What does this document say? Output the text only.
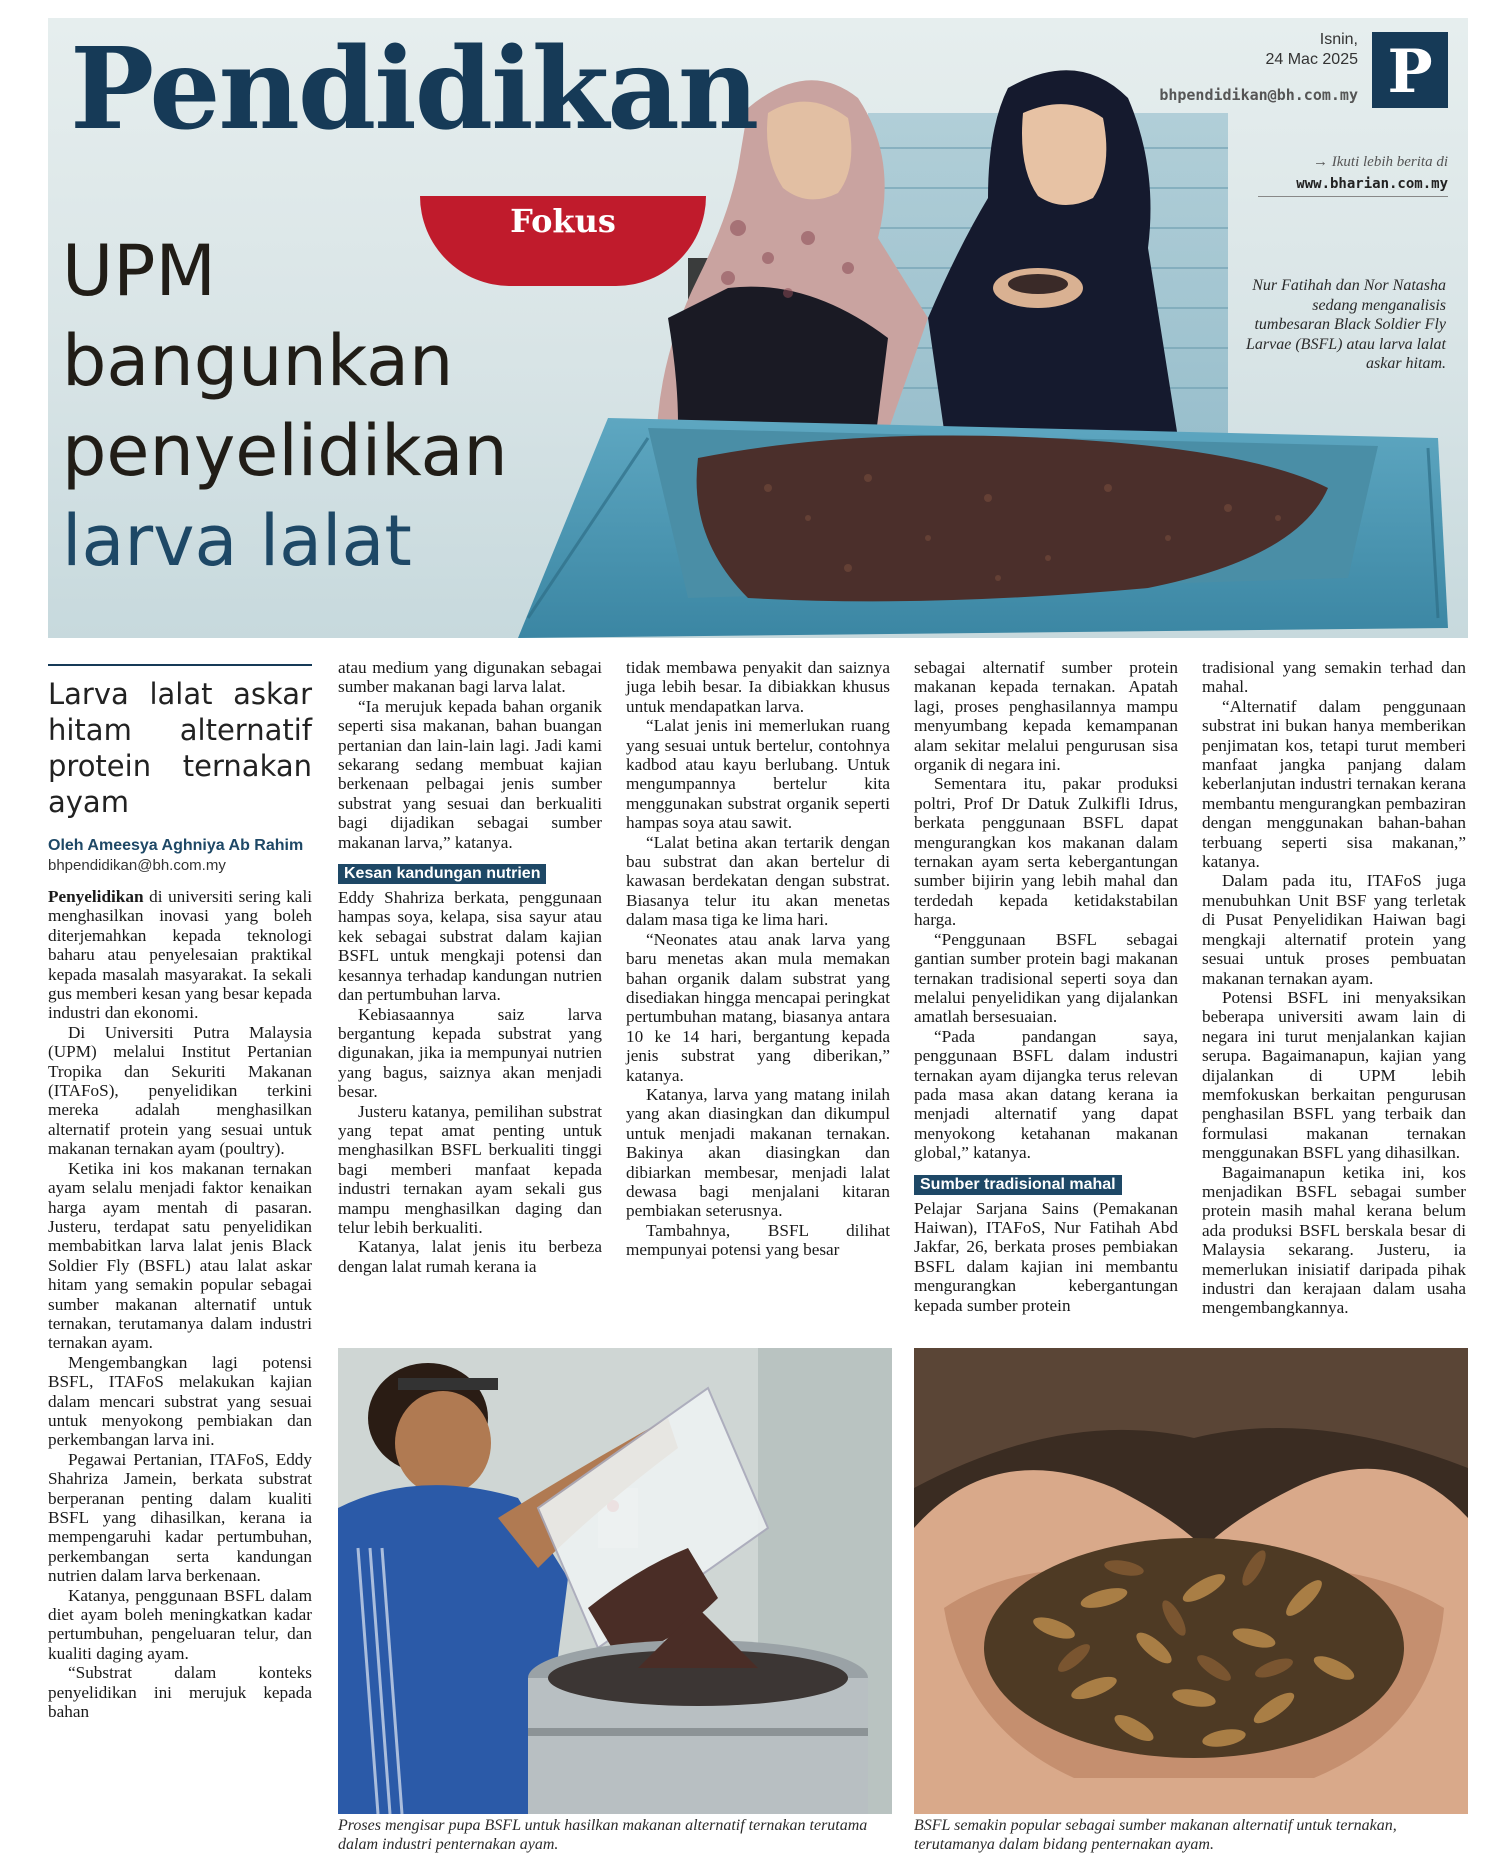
Pendidikan	Isnin,
24 Mac 2025
bhpendidikan@bh.com.my P
→ Ikuti lebih berita di
www.bharian.com.my
Fokus
UPM
bangunkan
penyelidikan
larva lalat
Nur Fatihah dan Nor Natasha sedang menganalisis tumbesaran Black Soldier Fly Larvae (BSFL) atau larva lalat askar hitam.
Larva lalat askar hitam alternatif protein ternakan ayam
Oleh Ameesya Aghniya Ab Rahim
bhpendidikan@bh.com.my

Penyelidikan di universiti sering kali menghasilkan inovasi yang boleh diterjemahkan kepada teknologi baharu atau penyelesaian praktikal kepada masalah masyarakat. Ia sekali gus memberi kesan yang besar kepada industri dan ekonomi.

Di Universiti Putra Malaysia (UPM) melalui Institut Pertanian Tropika dan Sekuriti Makanan (ITAFoS), penyelidikan terkini mereka adalah menghasilkan alternatif protein yang sesuai untuk makanan ternakan ayam (poultry).

Ketika ini kos makanan ternakan ayam selalu menjadi faktor kenaikan harga ayam mentah di pasaran. Justeru, terdapat satu penyelidikan membabitkan larva lalat jenis Black Soldier Fly (BSFL) atau lalat askar hitam yang semakin popular sebagai sumber makanan alternatif untuk ternakan, terutamanya dalam industri ternakan ayam.

Mengembangkan lagi potensi BSFL, ITAFoS melakukan kajian dalam mencari substrat yang sesuai untuk menyokong pembiakan dan perkembangan larva ini.

Pegawai Pertanian, ITAFoS, Eddy Shahriza Jamein, berkata substrat berperanan penting dalam kualiti BSFL yang dihasilkan, kerana ia mempengaruhi kadar pertumbuhan, perkembangan serta kandungan nutrien dalam larva berkenaan.

Katanya, penggunaan BSFL dalam diet ayam boleh meningkatkan kadar pertumbuhan, pengeluaran telur, dan kualiti daging ayam.

“Substrat dalam konteks penyelidikan ini merujuk kepada bahan

atau medium yang digunakan sebagai sumber makanan bagi larva lalat.

“Ia merujuk kepada bahan organik seperti sisa makanan, bahan buangan pertanian dan lain-lain lagi. Jadi kami sekarang sedang membuat kajian berkenaan pelbagai jenis sumber substrat yang sesuai dan berkualiti bagi dijadikan sebagai sumber makanan larva,” katanya.

Kesan kandungan nutrien

Eddy Shahriza berkata, penggunaan hampas soya, kelapa, sisa sayur atau kek sebagai substrat dalam kajian BSFL untuk mengkaji potensi dan kesannya terhadap kandungan nutrien dan pertumbuhan larva.

Kebiasaannya saiz larva bergantung kepada substrat yang digunakan, jika ia mempunyai nutrien yang bagus, saiznya akan menjadi besar.

Justeru katanya, pemilihan substrat yang tepat amat penting untuk menghasilkan BSFL berkualiti tinggi bagi memberi manfaat kepada industri ternakan ayam sekali gus mampu menghasilkan daging dan telur lebih berkualiti.

Katanya, lalat jenis itu berbeza dengan lalat rumah kerana ia

tidak membawa penyakit dan saiznya juga lebih besar. Ia dibiakkan khusus untuk mendapatkan larva.

“Lalat jenis ini memerlukan ruang yang sesuai untuk bertelur, contohnya kadbod atau kayu berlubang. Untuk mengumpannya bertelur kita menggunakan substrat organik seperti hampas soya atau sawit.

“Lalat betina akan tertarik dengan bau substrat dan akan bertelur di kawasan berdekatan dengan substrat. Biasanya telur itu akan menetas dalam masa tiga ke lima hari.

“Neonates atau anak larva yang baru menetas akan mula memakan bahan organik dalam substrat yang disediakan hingga mencapai peringkat pertumbuhan matang, biasanya antara 10 ke 14 hari, bergantung kepada jenis substrat yang diberikan,” katanya.

Katanya, larva yang matang inilah yang akan diasingkan dan dikumpul untuk menjadi makanan ternakan. Bakinya akan diasingkan dan dibiarkan membesar, menjadi lalat dewasa bagi menjalani kitaran pembiakan seterusnya.

Tambahnya, BSFL dilihat mempunyai potensi yang besar

sebagai alternatif sumber protein makanan kepada ternakan. Apatah lagi, proses penghasilannya mampu menyumbang kepada kemampanan alam sekitar melalui pengurusan sisa organik di negara ini.

Sementara itu, pakar produksi poltri, Prof Dr Datuk Zulkifli Idrus, berkata penggunaan BSFL dapat mengurangkan kos makanan dalam ternakan ayam serta kebergantungan sumber bijirin yang lebih mahal dan terdedah kepada ketidakstabilan harga.

“Penggunaan BSFL sebagai gantian sumber protein bagi makanan ternakan tradisional seperti soya dan melalui penyelidikan yang dijalankan amatlah bersesuaian.

“Pada pandangan saya, penggunaan BSFL dalam industri ternakan ayam dijangka terus relevan pada masa akan datang kerana ia menjadi alternatif yang dapat menyokong ketahanan makanan global,” katanya.

Sumber tradisional mahal

Pelajar Sarjana Sains (Pemakanan Haiwan), ITAFoS, Nur Fatihah Abd Jakfar, 26, berkata proses pembiakan BSFL dalam kajian ini membantu mengurangkan kebergantungan kepada sumber protein

tradisional yang semakin terhad dan mahal.

“Alternatif dalam penggunaan substrat ini bukan hanya memberikan penjimatan kos, tetapi turut memberi manfaat jangka panjang dalam keberlanjutan industri ternakan kerana membantu mengurangkan pembaziran dengan menggunakan bahan-bahan terbuang seperti sisa makanan,” katanya.

Dalam pada itu, ITAFoS juga menubuhkan Unit BSF yang terletak di Pusat Penyelidikan Haiwan bagi mengkaji alternatif protein yang sesuai untuk proses pembuatan makanan ternakan ayam.

Potensi BSFL ini menyaksikan beberapa universiti awam lain di negara ini turut menjalankan kajian serupa. Bagaimanapun, kajian yang dijalankan di UPM lebih memfokuskan berkaitan pengurusan penghasilan BSFL yang terbaik dan formulasi makanan ternakan menggunakan BSFL yang dihasilkan.

Bagaimanapun ketika ini, kos menjadikan BSFL sebagai sumber protein masih mahal kerana belum ada produksi BSFL berskala besar di Malaysia sekarang. Justeru, ia memerlukan inisiatif daripada pihak industri dan kerajaan dalam usaha mengembangkannya.

Proses mengisar pupa BSFL untuk hasilkan makanan alternatif ternakan terutama dalam industri penternakan ayam.
BSFL semakin popular sebagai sumber makanan alternatif untuk ternakan, terutamanya dalam bidang penternakan ayam.
